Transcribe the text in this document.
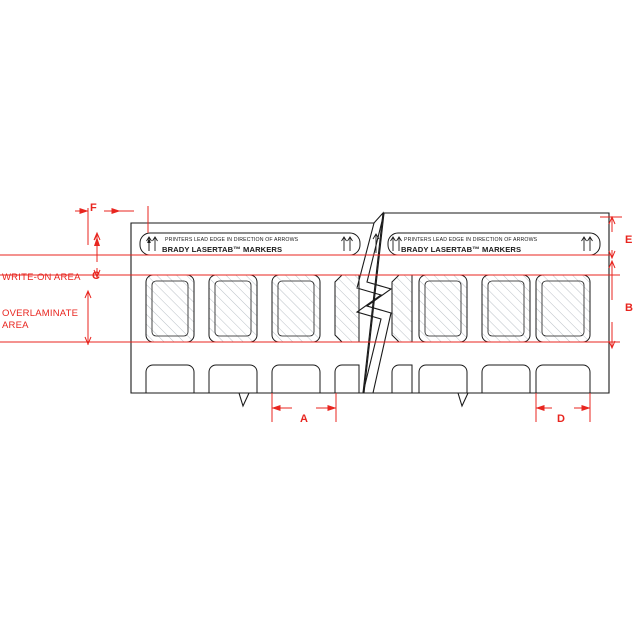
PRINTERS LEAD EDGE IN DIRECTION OF ARROWS
BRADY LASERTAB™ MARKERS
PRINTERS LEAD EDGE IN DIRECTION OF ARROWS
BRADY LASERTAB™ MARKERS
WRITE-ON AREA
OVERLAMINATE
AREA
A
B
C
D
E
F
